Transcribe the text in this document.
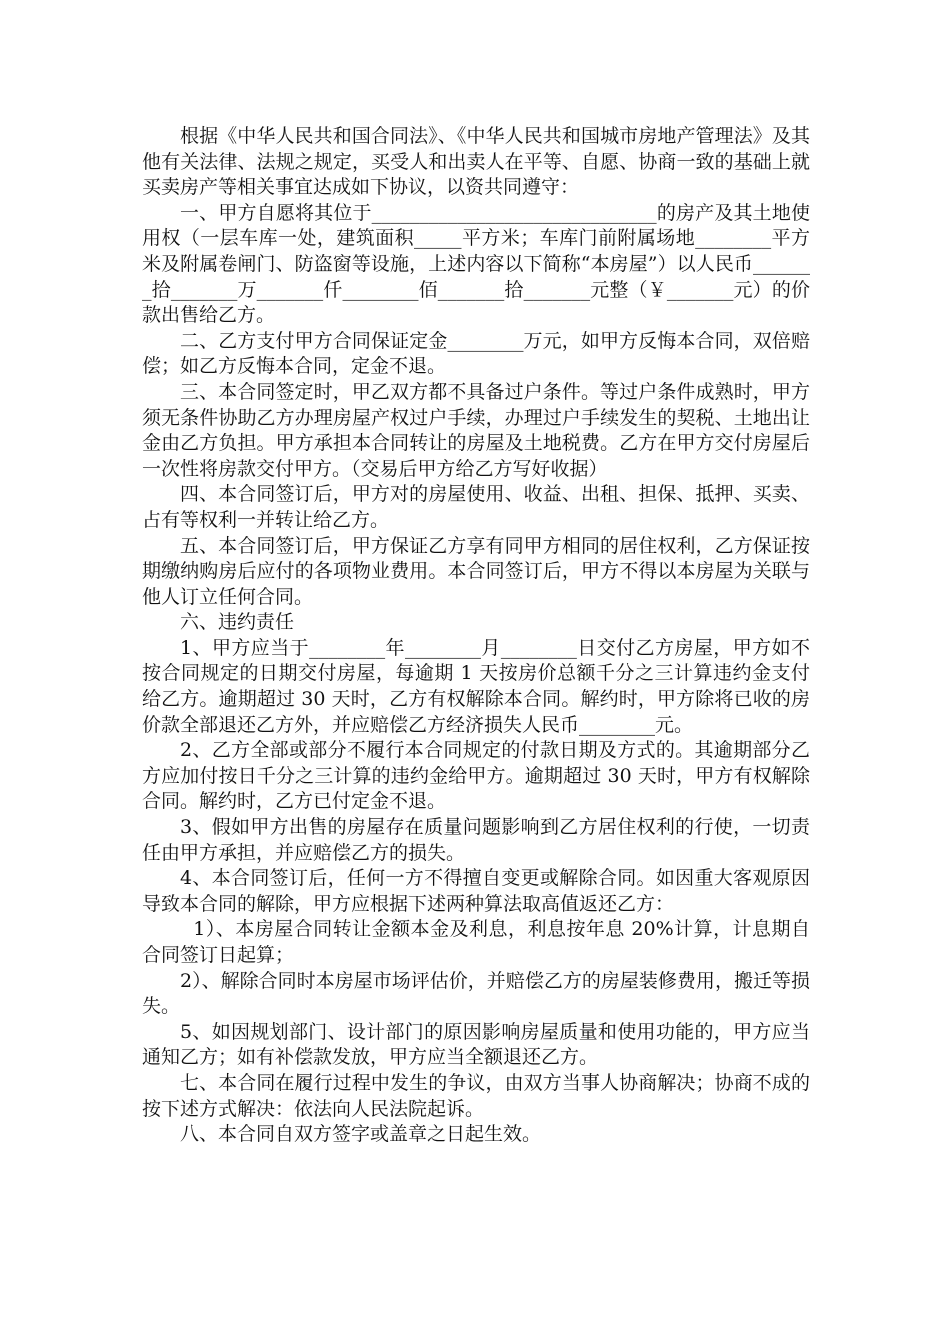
根据《中华人民共和国合同法》、《中华人民共和国城市房地产管理法》及其他有关法律、法规之规定，买受人和出卖人在平等、自愿、协商一致的基础上就买卖房产等相关事宜达成如下协议，以资共同遵守：

一、甲方自愿将其位于______________________________的房产及其土地使用权（一层车库一处，建筑面积_____平方米；车库门前附属场地________平方米及附属卷闸门、防盗窗等设施，上述内容以下简称“本房屋”）以人民币_______拾_______万_______仟________佰_______拾_______元整（￥_______元）的价款出售给乙方。

二、乙方支付甲方合同保证定金________万元，如甲方反悔本合同，双倍赔偿；如乙方反悔本合同，定金不退。

三、本合同签定时，甲乙双方都不具备过户条件。等过户条件成熟时，甲方须无条件协助乙方办理房屋产权过户手续，办理过户手续发生的契税、土地出让金由乙方负担。甲方承担本合同转让的房屋及土地税费。乙方在甲方交付房屋后一次性将房款交付甲方。（交易后甲方给乙方写好收据）

四、本合同签订后，甲方对的房屋使用、收益、出租、担保、抵押、买卖、占有等权利一并转让给乙方。

五、本合同签订后，甲方保证乙方享有同甲方相同的居住权利，乙方保证按期缴纳购房后应付的各项物业费用。本合同签订后，甲方不得以本房屋为关联与他人订立任何合同。

六、违约责任

1、甲方应当于________年________月________日交付乙方房屋，甲方如不按合同规定的日期交付房屋，每逾期 1 天按房价总额千分之三计算违约金支付给乙方。逾期超过 30 天时，乙方有权解除本合同。解约时，甲方除将已收的房价款全部退还乙方外，并应赔偿乙方经济损失人民币________元。

2、乙方全部或部分不履行本合同规定的付款日期及方式的。其逾期部分乙方应加付按日千分之三计算的违约金给甲方。逾期超过 30 天时，甲方有权解除合同。解约时，乙方已付定金不退。

3、假如甲方出售的房屋存在质量问题影响到乙方居住权利的行使，一切责任由甲方承担，并应赔偿乙方的损失。

4、本合同签订后，任何一方不得擅自变更或解除合同。如因重大客观原因导致本合同的解除，甲方应根据下述两种算法取高值返还乙方：

1）、本房屋合同转让金额本金及利息，利息按年息 20%计算，计息期自合同签订日起算；

2）、解除合同时本房屋市场评估价，并赔偿乙方的房屋装修费用，搬迁等损失。

5、如因规划部门、设计部门的原因影响房屋质量和使用功能的，甲方应当通知乙方；如有补偿款发放，甲方应当全额退还乙方。

七、本合同在履行过程中发生的争议，由双方当事人协商解决；协商不成的按下述方式解决：依法向人民法院起诉。

八、本合同自双方签字或盖章之日起生效。
